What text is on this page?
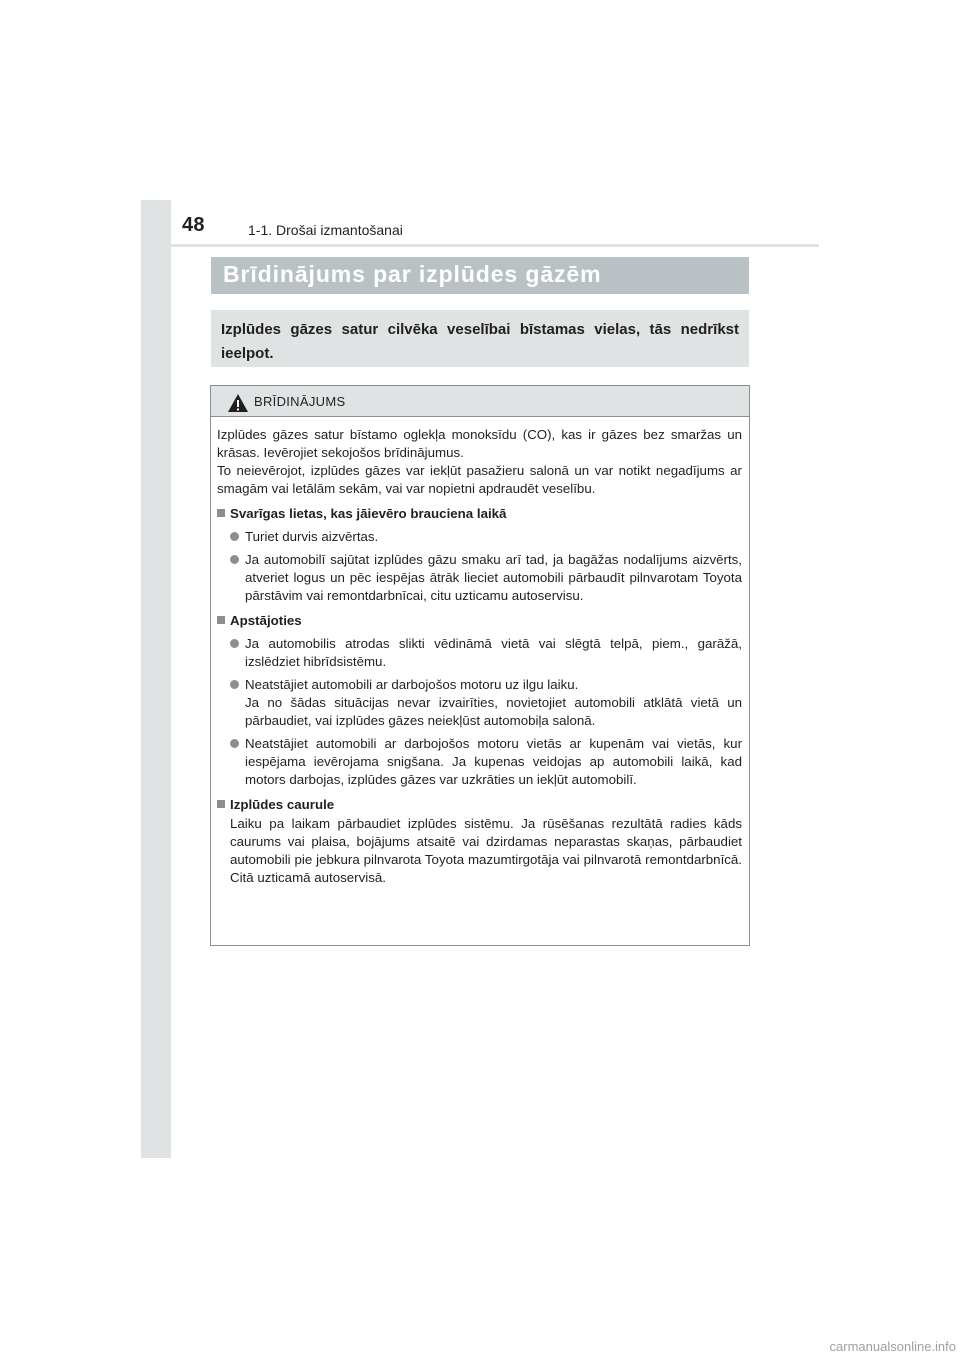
48	1-1. Drošai izmantošanai
Brīdinājums par izplūdes gāzēm
Izplūdes gāzes satur cilvēka veselībai bīstamas vielas, tās nedrīkst ieelpot.
BRĪDINĀJUMS

Izplūdes gāzes satur bīstamo oglekļa monoksīdu (CO), kas ir gāzes bez smaržas un krāsas. Ievērojiet sekojošos brīdinājumus.

To neievērojot, izplūdes gāzes var iekļūt pasažieru salonā un var notikt negadījums ar smagām vai letālām sekām, vai var nopietni apdraudēt veselību.

Svarīgas lietas, kas jāievēro brauciena laikā
Turiet durvis aizvērtas.
Ja automobilī sajūtat izplūdes gāzu smaku arī tad, ja bagāžas nodalījums aizvērts, atveriet logus un pēc iespējas ātrāk lieciet automobili pārbaudīt pilnvarotam Toyota pārstāvim vai remontdarbnīcai, citu uzticamu autoservisu.
Apstājoties
Ja automobilis atrodas slikti vēdināmā vietā vai slēgtā telpā, piem., garāžā, izslēdziet hibrīdsistēmu.
Neatstājiet automobili ar darbojošos motoru uz ilgu laiku.
Ja no šādas situācijas nevar izvairīties, novietojiet automobili atklātā vietā un pārbaudiet, vai izplūdes gāzes neiekļūst automobiļa salonā.
Neatstājiet automobili ar darbojošos motoru vietās ar kupenām vai vietās, kur iespējama ievērojama snigšana. Ja kupenas veidojas ap automobili laikā, kad motors darbojas, izplūdes gāzes var uzkrāties un iekļūt automobilī.
Izplūdes caurule
Laiku pa laikam pārbaudiet izplūdes sistēmu. Ja rūsēšanas rezultātā radies kāds caurums vai plaisa, bojājums atsaitē vai dzirdamas neparastas skaņas, pārbaudiet automobili pie jebkura pilnvarota Toyota mazumtirgotāja vai pilnvarotā remontdarbnīcā. Citā uzticamā autoservisā.
carmanualsonline.info
